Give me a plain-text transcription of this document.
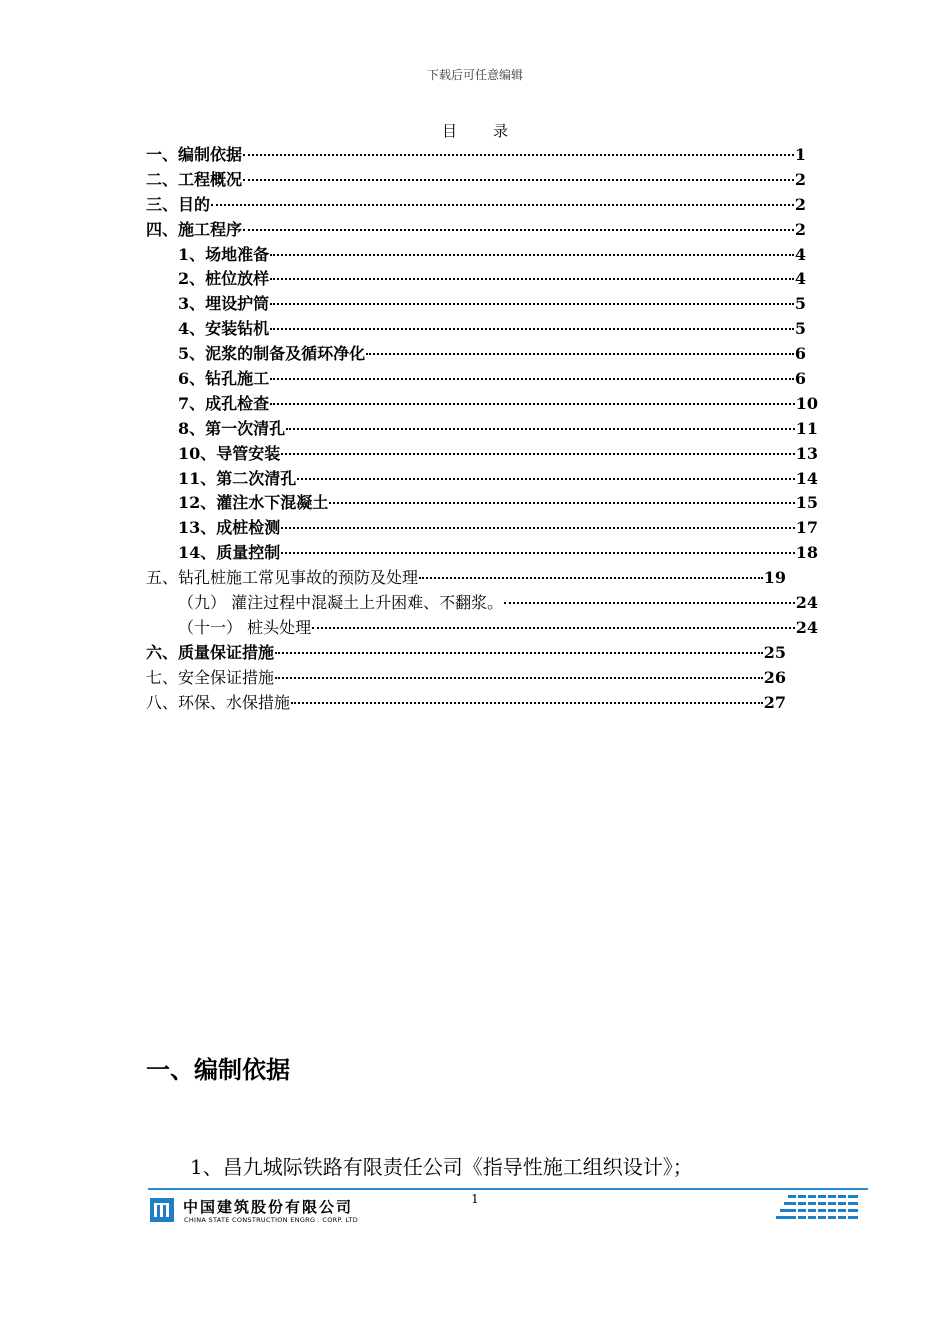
下载后可任意编辑
目 录
一、编制依据	1
二、工程概况	2
三、目的	2
四、施工程序	2
1、场地准备	4
2、桩位放样	4
3、埋设护筒	5
4、安装钻机	5
5、泥浆的制备及循环净化	6
6、钻孔施工	6
7、成孔检查	10
8、第一次清孔	11
10、导管安装	13
11、第二次清孔	14
12、灌注水下混凝土	15
13、成桩检测	17
14、质量控制	18
五、钻孔桩施工常见事故的预防及处理	19
（九） 灌注过程中混凝土上升困难、不翻浆。	24
（十一） 桩头处理	24
六、质量保证措施	25
七、安全保证措施	26
八、环保、水保措施	27
一、编制依据
1、昌九城际铁路有限责任公司《指导性施工组织设计》；
1
中国建筑股份有限公司
CHINA STATE CONSTRUCTION ENGRG . CORP. LTD
